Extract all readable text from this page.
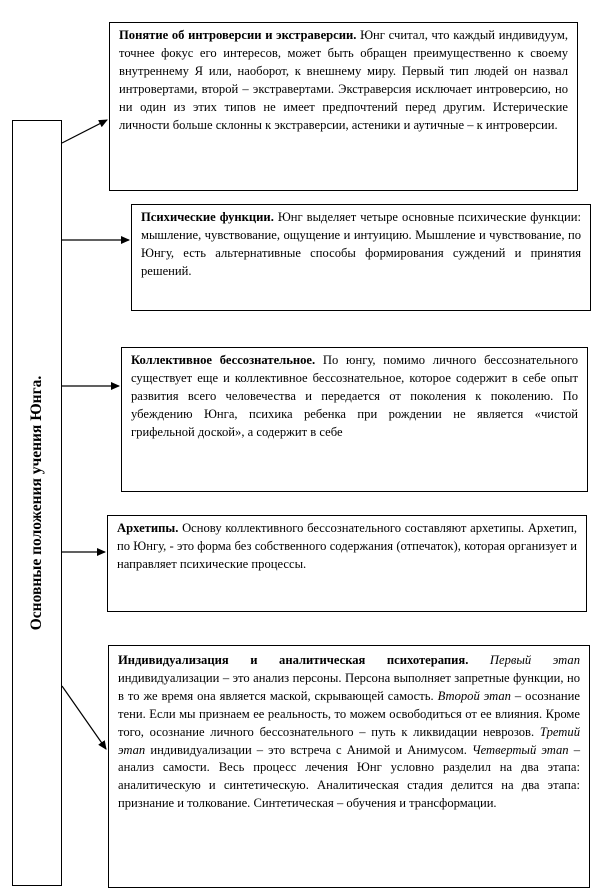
Основные положения учения Юнга.

Понятие об интроверсии и экстраверсии. Юнг считал, что каждый индивидуум, точнее фокус его интересов, может быть обращен преимущественно к своему внутреннему Я или, наоборот, к внешнему миру. Первый тип людей он назвал интровертами, второй – экстравертами. Экстраверсия исключает интроверсию, но ни один из этих типов не имеет предпочтений перед другим. Истерические личности больше склонны к экстраверсии, астеники и аутичные – к интроверсии.

Психические функции. Юнг выделяет четыре основные психические функции: мышление, чувствование, ощущение и интуицию. Мышление и чувствование, по Юнгу, есть альтернативные способы формирования суждений и принятия решений.

Коллективное бессознательное. По юнгу, помимо личного бессознательного существует еще и коллективное бессознательное, которое содержит в себе опыт развития всего человечества и передается от поколения к поколению. По убеждению Юнга, психика ребенка при рождении не является «чистой грифельной доской», а содержит в себе

Архетипы. Основу коллективного бессознательного составляют архетипы. Архетип, по Юнгу, - это форма без собственного содержания (отпечаток), которая организует и направляет психические процессы.

Индивидуализация и аналитическая психотерапия. Первый этап индивидуализации – это анализ персоны. Персона выполняет запретные функции, но в то же время она является маской, скрывающей самость. Второй этап – осознание тени. Если мы признаем ее реальность, то можем освободиться от ее влияния. Кроме того, осознание личного бессознательного – путь к ликвидации неврозов. Третий этап индивидуализации – это встреча с Анимой и Анимусом. Четвертый этап – анализ самости. Весь процесс лечения Юнг условно разделил на два этапа: аналитическую и синтетическую. Аналитическая стадия делится на два этапа: признание и толкование. Синтетическая – обучения и трансформации.
